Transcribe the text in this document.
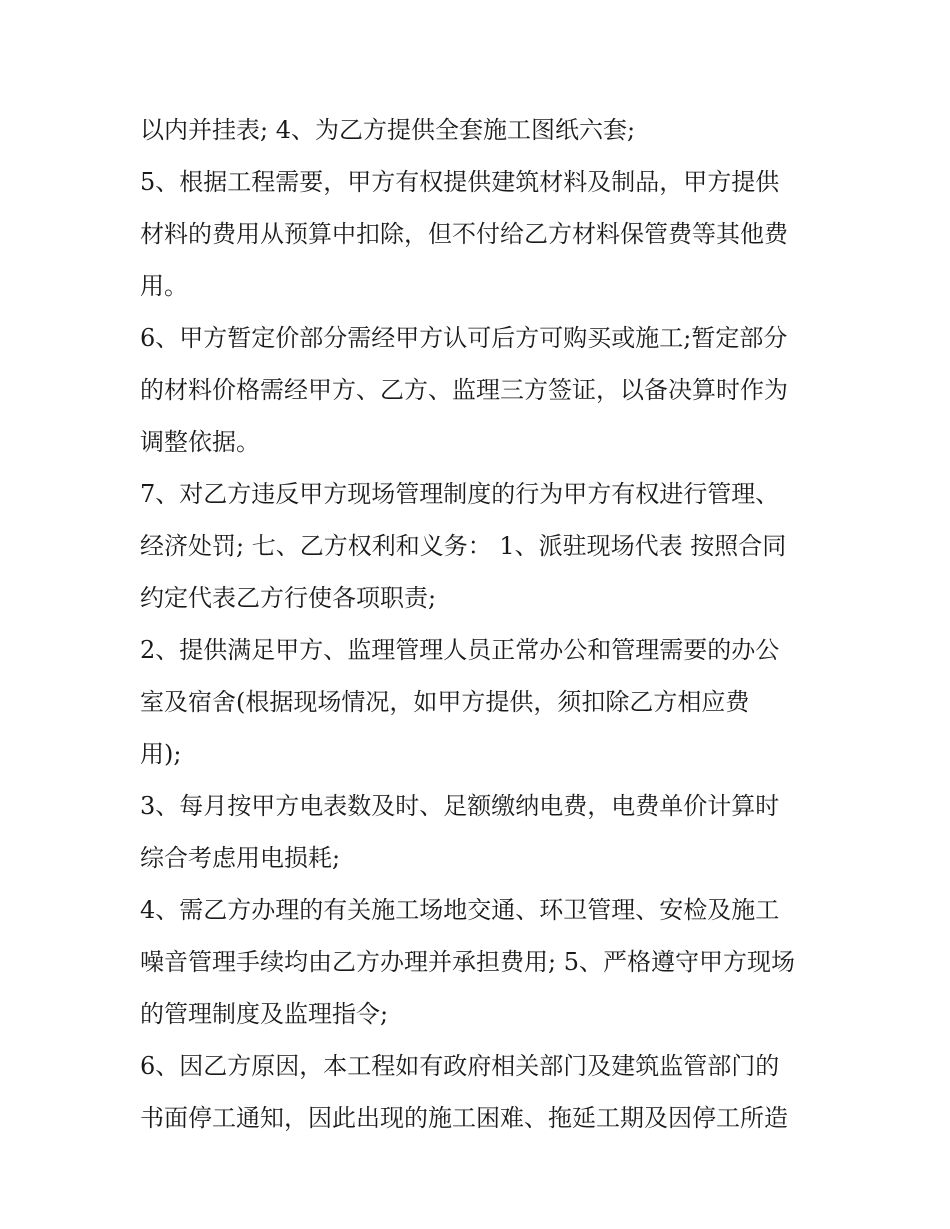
以内并挂表; 4、为乙方提供全套施工图纸六套;
5、根据工程需要，甲方有权提供建筑材料及制品，甲方提供
材料的费用从预算中扣除，但不付给乙方材料保管费等其他费
用。
6、甲方暂定价部分需经甲方认可后方可购买或施工;暂定部分
的材料价格需经甲方、乙方、监理三方签证，以备决算时作为
调整依据。
7、对乙方违反甲方现场管理制度的行为甲方有权进行管理、
经济处罚; 七、乙方权利和义务： 1、派驻现场代表 按照合同
约定代表乙方行使各项职责;
2、提供满足甲方、监理管理人员正常办公和管理需要的办公
室及宿舍(根据现场情况，如甲方提供，须扣除乙方相应费
用);
3、每月按甲方电表数及时、足额缴纳电费，电费单价计算时
综合考虑用电损耗;
4、需乙方办理的有关施工场地交通、环卫管理、安检及施工
噪音管理手续均由乙方办理并承担费用; 5、严格遵守甲方现场
的管理制度及监理指令;
6、因乙方原因，本工程如有政府相关部门及建筑监管部门的
书面停工通知，因此出现的施工困难、拖延工期及因停工所造
